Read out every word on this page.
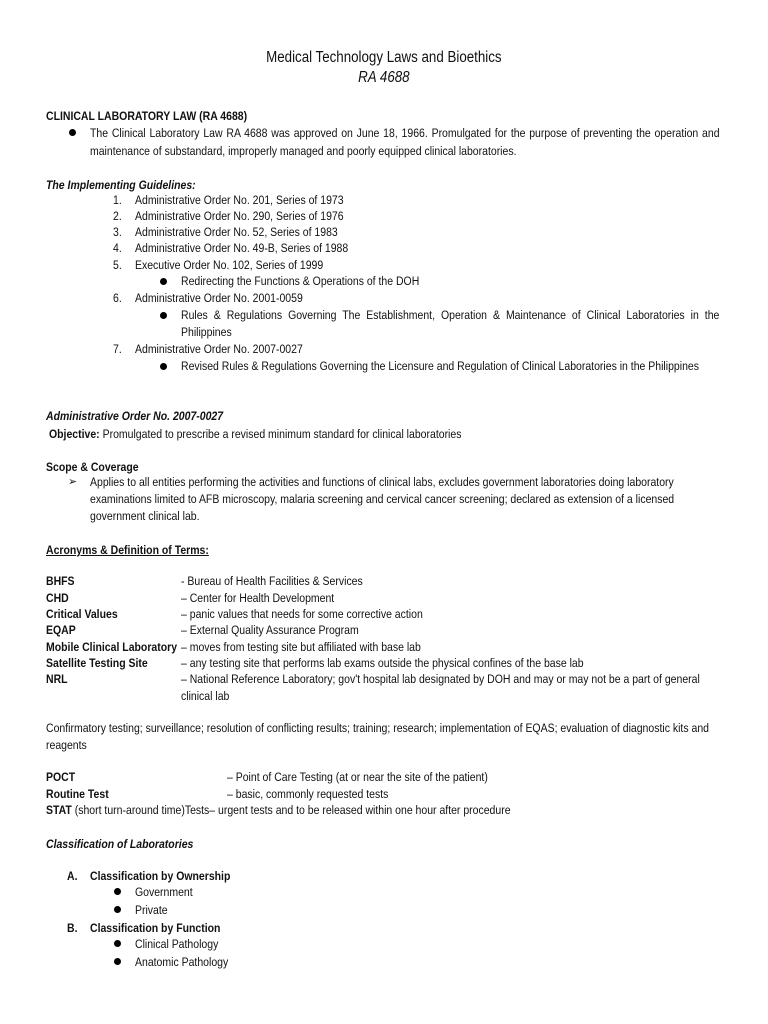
Medical Technology Laws and Bioethics
RA 4688
CLINICAL LABORATORY LAW (RA 4688)
The Clinical Laboratory Law RA 4688 was approved on June 18, 1966. Promulgated for the purpose of preventing the operation and maintenance of substandard, improperly managed and poorly equipped clinical laboratories.
The Implementing Guidelines:
1. Administrative Order No. 201, Series of 1973
2. Administrative Order No. 290, Series of 1976
3. Administrative Order No. 52, Series of 1983
4. Administrative Order No. 49-B, Series of 1988
5. Executive Order No. 102, Series of 1999
Redirecting the Functions & Operations of the DOH
6. Administrative Order No. 2001-0059
Rules & Regulations Governing The Establishment, Operation & Maintenance of Clinical Laboratories in the Philippines
7. Administrative Order No. 2007-0027
Revised Rules & Regulations Governing the Licensure and Regulation of Clinical Laboratories in the Philippines
Administrative Order No. 2007-0027
Objective: Promulgated to prescribe a revised minimum standard for clinical laboratories
Scope & Coverage
➢ Applies to all entities performing the activities and functions of clinical labs, excludes government laboratories doing laboratory examinations limited to AFB microscopy, malaria screening and cervical cancer screening; declared as extension of a licensed government clinical lab.
Acronyms & Definition of Terms:
BHFS	- Bureau of Health Facilities & Services
CHD	– Center for Health Development
Critical Values	– panic values that needs for some corrective action
EQAP	– External Quality Assurance Program
Mobile Clinical Laboratory – moves from testing site but affiliated with base lab
Satellite Testing Site	– any testing site that performs lab exams outside the physical confines of the base lab
NRL	– National Reference Laboratory; gov't hospital lab designated by DOH and may or may not be a part of general clinical lab
Confirmatory testing; surveillance; resolution of conflicting results; training; research; implementation of EQAS; evaluation of diagnostic kits and reagents
POCT	– Point of Care Testing (at or near the site of the patient)
Routine Test	– basic, commonly requested tests
STAT (short turn-around time)Tests– urgent tests and to be released within one hour after procedure
Classification of Laboratories
A. Classification by Ownership
Government
Private
B. Classification by Function
Clinical Pathology
Anatomic Pathology
